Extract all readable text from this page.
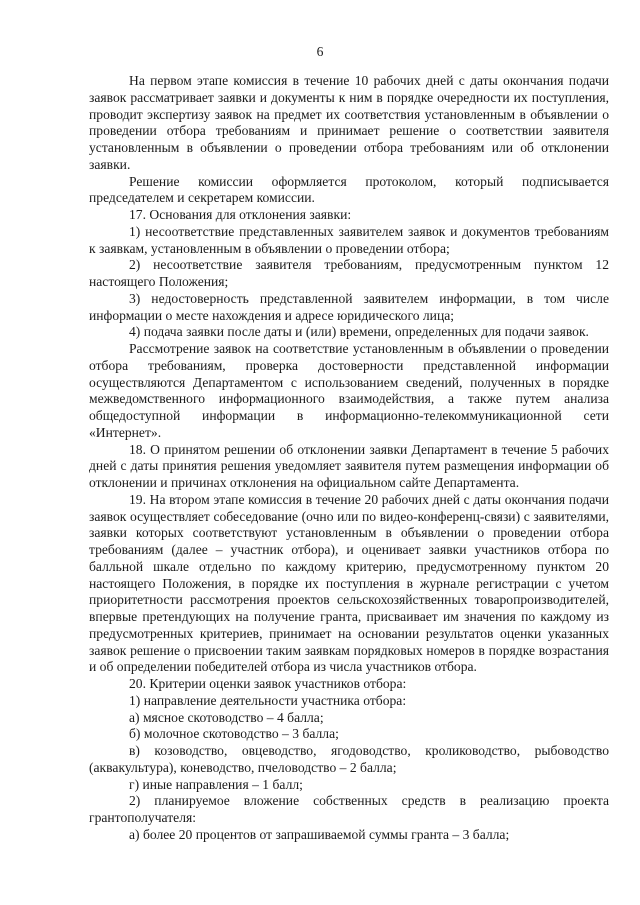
6

На первом этапе комиссия в течение 10 рабочих дней с даты окончания подачи заявок рассматривает заявки и документы к ним в порядке очередности их поступления, проводит экспертизу заявок на предмет их соответствия установленным в объявлении о проведении отбора требованиям и принимает решение о соответствии заявителя установленным в объявлении о проведении отбора требованиям или об отклонении заявки.

Решение комиссии оформляется протоколом, который подписывается председателем и секретарем комиссии.

17. Основания для отклонения заявки:

1) несоответствие представленных заявителем заявок и документов требованиям к заявкам, установленным в объявлении о проведении отбора;

2) несоответствие заявителя требованиям, предусмотренным пунктом 12 настоящего Положения;

3) недостоверность представленной заявителем информации, в том числе информации о месте нахождения и адресе юридического лица;

4) подача заявки после даты и (или) времени, определенных для подачи заявок.

Рассмотрение заявок на соответствие установленным в объявлении о проведении отбора требованиям, проверка достоверности представленной информации осуществляются Департаментом с использованием сведений, полученных в порядке межведомственного информационного взаимодействия, а также путем анализа общедоступной информации в информационно-телекоммуникационной сети «Интернет».

18. О принятом решении об отклонении заявки Департамент в течение 5 рабочих дней с даты принятия решения уведомляет заявителя путем размещения информации об отклонении и причинах отклонения на официальном сайте Департамента.

19. На втором этапе комиссия в течение 20 рабочих дней с даты окончания подачи заявок осуществляет собеседование (очно или по видео-конференц-связи) с заявителями, заявки которых соответствуют установленным в объявлении о проведении отбора требованиям (далее – участник отбора), и оценивает заявки участников отбора по балльной шкале отдельно по каждому критерию, предусмотренному пунктом 20 настоящего Положения, в порядке их поступления в журнале регистрации с учетом приоритетности рассмотрения проектов сельскохозяйственных товаропроизводителей, впервые претендующих на получение гранта, присваивает им значения по каждому из предусмотренных критериев, принимает на основании результатов оценки указанных заявок решение о присвоении таким заявкам порядковых номеров в порядке возрастания и об определении победителей отбора из числа участников отбора.

20. Критерии оценки заявок участников отбора:

1) направление деятельности участника отбора:

а) мясное скотоводство – 4 балла;

б) молочное скотоводство – 3 балла;

в) козоводство, овцеводство, ягодоводство, кролиководство, рыбоводство (аквакультура), коневодство, пчеловодство – 2 балла;

г) иные направления – 1 балл;

2) планируемое вложение собственных средств в реализацию проекта грантополучателя:

а) более 20 процентов от запрашиваемой суммы гранта – 3 балла;
